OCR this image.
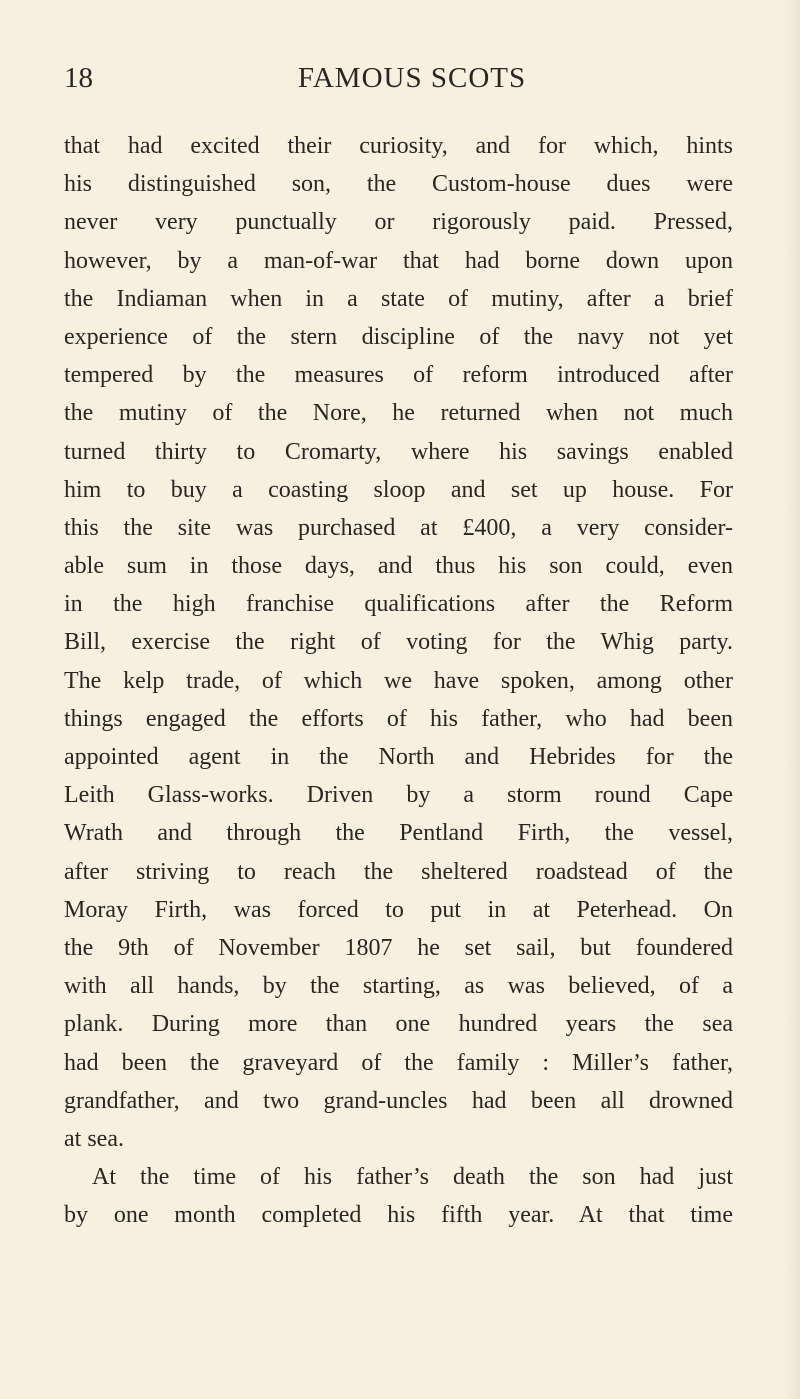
18	FAMOUS SCOTS
that had excited their curiosity, and for which, hints
his distinguished son, the Custom-house dues were
never very punctually or rigorously paid. Pressed,
however, by a man-of-war that had borne down upon
the Indiaman when in a state of mutiny, after a brief
experience of the stern discipline of the navy not yet
tempered by the measures of reform introduced after
the mutiny of the Nore, he returned when not much
turned thirty to Cromarty, where his savings enabled
him to buy a coasting sloop and set up house. For
this the site was purchased at £400, a very consider-
able sum in those days, and thus his son could, even
in the high franchise qualifications after the Reform
Bill, exercise the right of voting for the Whig party.
The kelp trade, of which we have spoken, among other
things engaged the efforts of his father, who had been
appointed agent in the North and Hebrides for the
Leith Glass-works. Driven by a storm round Cape
Wrath and through the Pentland Firth, the vessel,
after striving to reach the sheltered roadstead of the
Moray Firth, was forced to put in at Peterhead. On
the 9th of November 1807 he set sail, but foundered
with all hands, by the starting, as was believed, of a
plank. During more than one hundred years the sea
had been the graveyard of the family : Miller’s father,
grandfather, and two grand-uncles had been all drowned
at sea.
At the time of his father’s death the son had just
by one month completed his fifth year. At that time
